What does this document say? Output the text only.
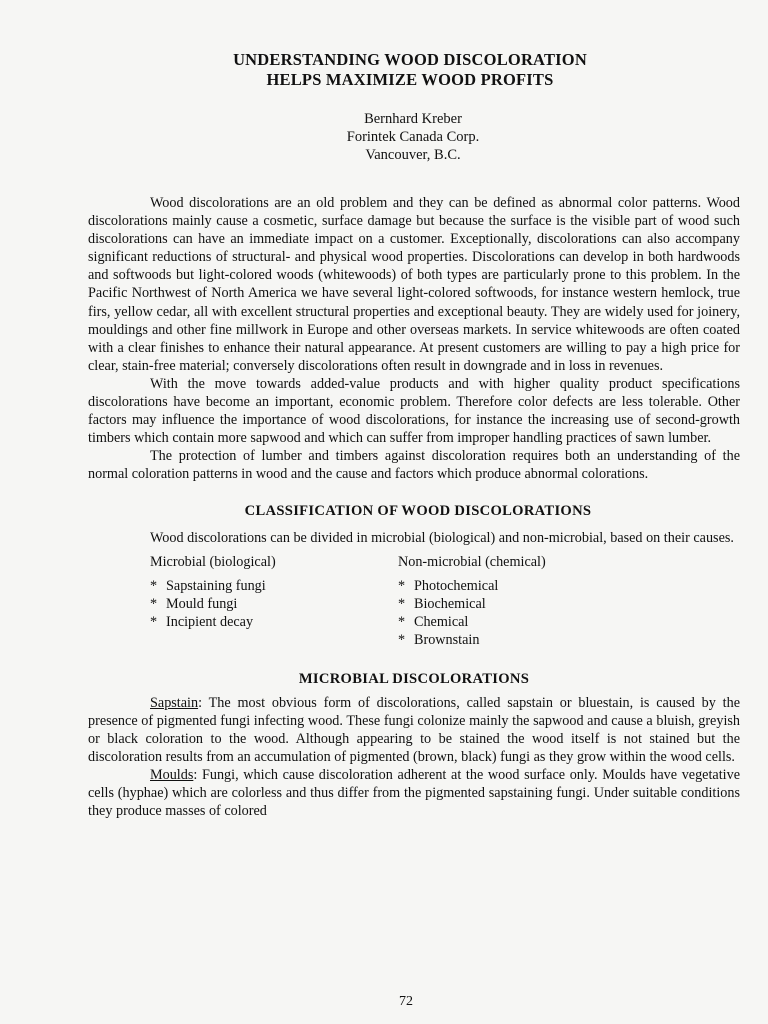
UNDERSTANDING WOOD DISCOLORATION
HELPS MAXIMIZE WOOD PROFITS
Bernhard Kreber
Forintek Canada Corp.
Vancouver, B.C.

Wood discolorations are an old problem and they can be defined as abnormal color patterns. Wood discolorations mainly cause a cosmetic, surface damage but because the surface is the visible part of wood such discolorations can have an immediate impact on a customer. Exceptionally, discolorations can also accompany significant reductions of structural- and physical wood properties. Discolorations can develop in both hardwoods and softwoods but light-colored woods (whitewoods) of both types are particularly prone to this problem. In the Pacific Northwest of North America we have several light-colored softwoods, for instance western hemlock, true firs, yellow cedar, all with excellent structural properties and exceptional beauty. They are widely used for joinery, mouldings and other fine millwork in Europe and other overseas markets. In service whitewoods are often coated with a clear finishes to enhance their natural appearance. At present customers are willing to pay a high price for clear, stain-free material; conversely discolorations often result in downgrade and in loss in revenues.

With the move towards added-value products and with higher quality product specifications discolorations have become an important, economic problem. Therefore color defects are less tolerable. Other factors may influence the importance of wood discolorations, for instance the increasing use of second-growth timbers which contain more sapwood and which can suffer from improper handling practices of sawn lumber.

The protection of lumber and timbers against discoloration requires both an understanding of the normal coloration patterns in wood and the cause and factors which produce abnormal colorations.

CLASSIFICATION OF WOOD DISCOLORATIONS

Wood discolorations can be divided in microbial (biological) and non-microbial, based on their causes.

Microbial (biological)
* Sapstaining fungi
* Mould fungi
* Incipient decay
Non-microbial (chemical)
* Photochemical
* Biochemical
* Chemical
* Brownstain
MICROBIAL DISCOLORATIONS

Sapstain: The most obvious form of discolorations, called sapstain or bluestain, is caused by the presence of pigmented fungi infecting wood. These fungi colonize mainly the sapwood and cause a bluish, greyish or black coloration to the wood. Although appearing to be stained the wood itself is not stained but the discoloration results from an accumulation of pigmented (brown, black) fungi as they grow within the wood cells.

Moulds: Fungi, which cause discoloration adherent at the wood surface only. Moulds have vegetative cells (hyphae) which are colorless and thus differ from the pigmented sapstaining fungi. Under suitable conditions they produce masses of colored

72
